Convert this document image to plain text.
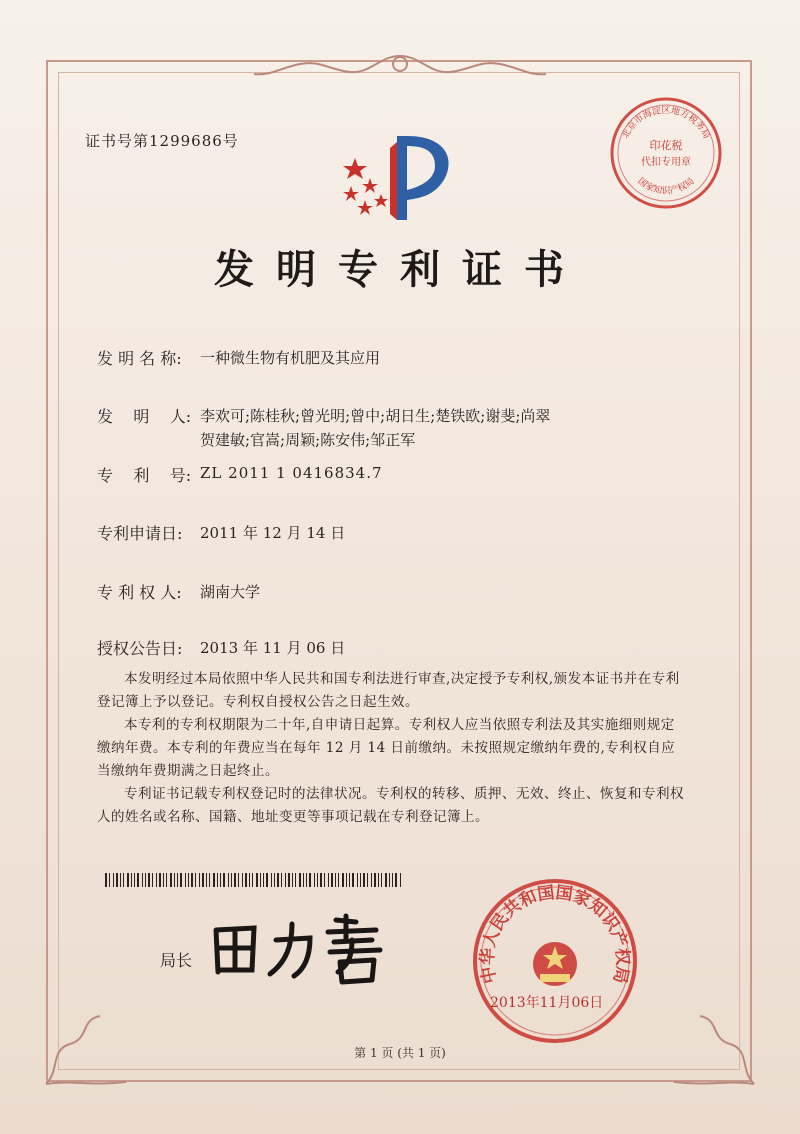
证书号第1299686号
发明专利证书
发 明 名 称: 一种微生物有机肥及其应用
发    明    人: 李欢可;陈桂秋;曾光明;曾中;胡日生;楚铁欧;谢斐;尚翠
贺建敏;官嵩;周颖;陈安伟;邹正军
专    利    号: ZL 2011 1 0416834.7
专利申请日: 2011 年 12 月 14 日
专 利 权 人: 湖南大学
授权公告日: 2013 年 11 月 06 日
本发明经过本局依照中华人民共和国专利法进行审查,决定授予专利权,颁发本证书并在专利登记簿上予以登记。专利权自授权公告之日起生效。
本专利的专利权期限为二十年,自申请日起算。专利权人应当依照专利法及其实施细则规定缴纳年费。本专利的年费应当在每年 12 月 14 日前缴纳。未按照规定缴纳年费的,专利权自应当缴纳年费期满之日起终止。
专利证书记载专利权登记时的法律状况。专利权的转移、质押、无效、终止、恢复和专利权人的姓名或名称、国籍、地址变更等事项记载在专利登记簿上。
局长
中华人民共和国国家知识产权局
2013年11月06日
北京市海淀区地方税务局
国家知识产权局
印花税
代扣专用章
第 1 页 (共 1 页)
